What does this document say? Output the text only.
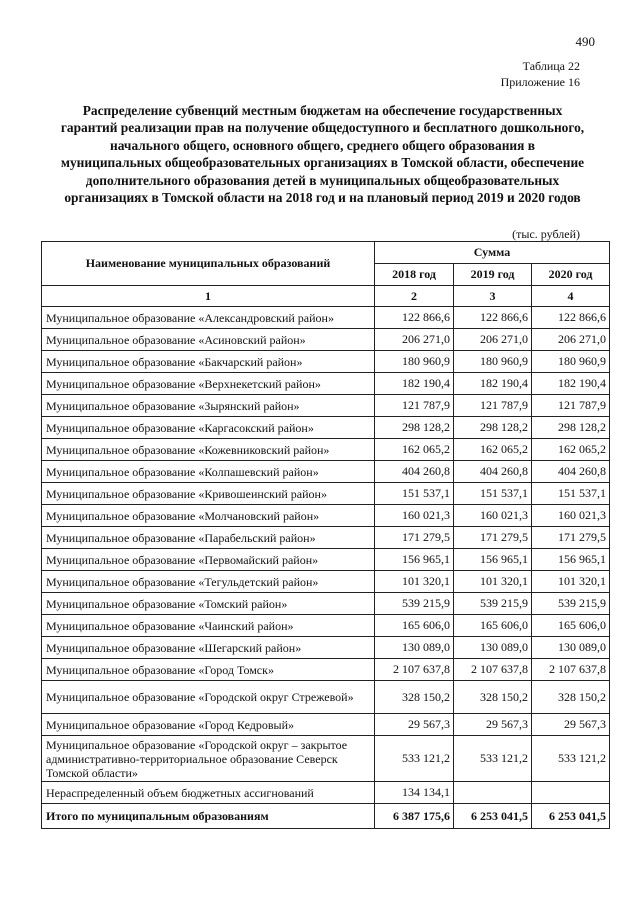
490
Таблица 22
Приложение 16
Распределение субвенций местным бюджетам на обеспечение государственных гарантий реализации прав на получение общедоступного и бесплатного дошкольного, начального общего, основного общего, среднего общего образования в муниципальных общеобразовательных организациях в Томской области, обеспечение дополнительного образования детей в муниципальных общеобразовательных организациях в Томской области на 2018 год и на плановый период 2019 и 2020 годов
(тыс. рублей)
Наименование муниципальных образований	Сумма		
	2018 год	2019 год	2020 год
1	2	3	4
Муниципальное образование «Александровский район»	122 866,6	122 866,6	122 866,6
Муниципальное образование «Асиновский район»	206 271,0	206 271,0	206 271,0
Муниципальное образование «Бакчарский район»	180 960,9	180 960,9	180 960,9
Муниципальное образование «Верхнекетский район»	182 190,4	182 190,4	182 190,4
Муниципальное образование «Зырянский район»	121 787,9	121 787,9	121 787,9
Муниципальное образование «Каргасокский район»	298 128,2	298 128,2	298 128,2
Муниципальное образование «Кожевниковский район»	162 065,2	162 065,2	162 065,2
Муниципальное образование «Колпашевский район»	404 260,8	404 260,8	404 260,8
Муниципальное образование «Кривошеинский район»	151 537,1	151 537,1	151 537,1
Муниципальное образование «Молчановский район»	160 021,3	160 021,3	160 021,3
Муниципальное образование «Парабельский район»	171 279,5	171 279,5	171 279,5
Муниципальное образование «Первомайский район»	156 965,1	156 965,1	156 965,1
Муниципальное образование «Тегульдетский район»	101 320,1	101 320,1	101 320,1
Муниципальное образование «Томский район»	539 215,9	539 215,9	539 215,9
Муниципальное образование «Чаинский район»	165 606,0	165 606,0	165 606,0
Муниципальное образование «Шегарский район»	130 089,0	130 089,0	130 089,0
Муниципальное образование «Город Томск»	2 107 637,8	2 107 637,8	2 107 637,8
Муниципальное образование «Городской округ Стрежевой»	328 150,2	328 150,2	328 150,2
Муниципальное образование «Город Кедровый»	29 567,3	29 567,3	29 567,3
Муниципальное образование «Городской округ – закрытое административно-территориальное образование Северск Томской области»	533 121,2	533 121,2	533 121,2
Нераспределенный объем бюджетных ассигнований	134 134,1		
Итого по муниципальным образованиям	6 387 175,6	6 253 041,5	6 253 041,5
